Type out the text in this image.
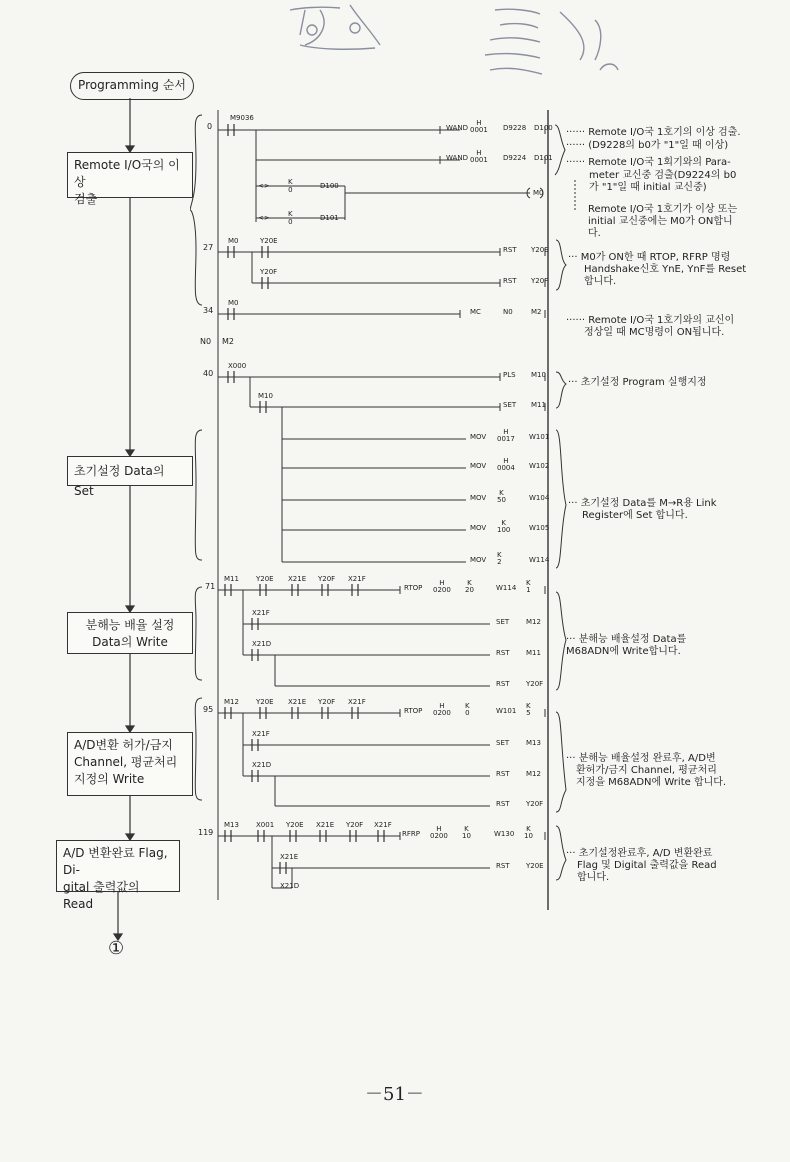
Programming 순서
Remote I/O국의 이상
검출
초기설정 Data의 Set
분해능 배율 설정
Data의 Write
A/D변환 허가/금지
Channel, 평균처리
지정의 Write
A/D 변환완료 Flag, Di-
gital 출력값의 Read
①
0
27
34
N0 M2
40
71
95
119
M9036
M0	Y20E
Y20F
M0
X000
M10
M11 Y20E X21E Y20F X21F
X21F
X21D
M12 Y20E X21E Y20F X21F
X21F
X21D
M13 X001 Y20E X21E Y20F X21F
X21E
X21D
<>	K
0	D100
<>	K
0	D101
M0
WAND
H
0001 D9228 D100
WAND
H
0001 D9224 D101
RST Y20E
RST Y20F
MC	N0	M2
PLS M10
SET M11
MOV
H
0017 W101
MOV
H
0004 W102
MOV
K
50	W104
MOV
K
100	W105
MOV
K
2	W114
RTOP
H
0200
K
20	W114
K
1
SET M12
RST M11
RST Y20F
RTOP
H
0200
K
0	W101
K
5
SET M13
RST M12
RST Y20F
RFRP
H
0200
K
10	W130
K
10
RST Y20E
······ Remote I/O국 1호기의 이상 검출.
······ (D9228의 b0가 "1"일 때 이상)
······ Remote I/O국 1회기와의 Para-
meter 교신중 검출(D9224의 b0
가 "1"일 때 initial 교신중)
Remote I/O국 1호기가 이상 또는
initial 교신중에는 M0가 ON합니
다.
··· M0가 ON한 때 RTOP, RFRP 명령
Handshake신호 YnE, YnF를 Reset
합니다.
······ Remote I/O국 1호기와의 교신이
정상일 때 MC명령이 ON됩니다.
··· 초기설정 Program 실행지정
··· 초기설정 Data를 M→R용 Link
Register에 Set 합니다.
··· 분해능 배율설정 Data를
M68ADN에 Write합니다.
··· 분해능 배율설정 완료후, A/D변
환허가/금지 Channel, 평균처리
지정을 M68ADN에 Write 합니다.
··· 초기설정완료후, A/D 변환완료
Flag 및 Digital 출력값을 Read
합니다.
－51－
